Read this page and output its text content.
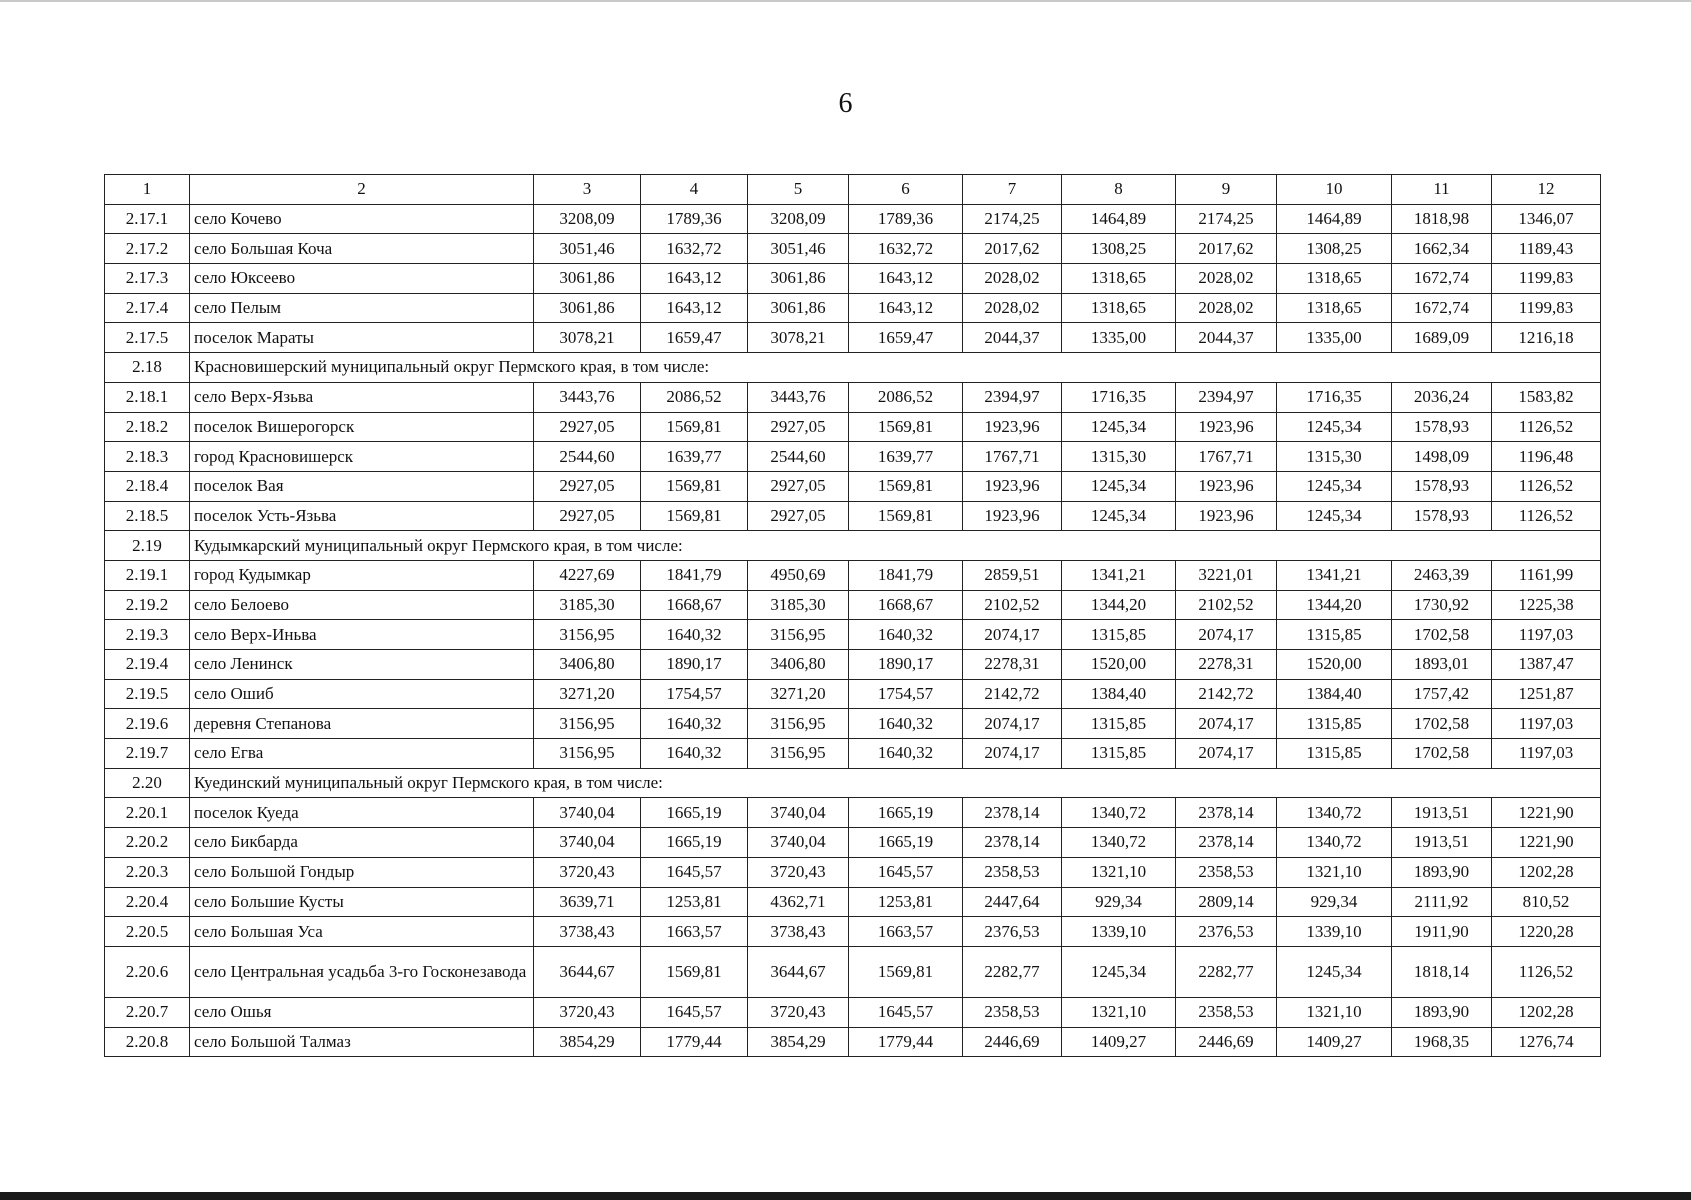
6
1	2	3	4	5	6	7	8	9	10	11	12
2.17.1	село Кочево	3208,09	1789,36	3208,09	1789,36	2174,25	1464,89	2174,25	1464,89	1818,98	1346,07
2.17.2	село Большая Коча	3051,46	1632,72	3051,46	1632,72	2017,62	1308,25	2017,62	1308,25	1662,34	1189,43
2.17.3	село Юксеево	3061,86	1643,12	3061,86	1643,12	2028,02	1318,65	2028,02	1318,65	1672,74	1199,83
2.17.4	село Пелым	3061,86	1643,12	3061,86	1643,12	2028,02	1318,65	2028,02	1318,65	1672,74	1199,83
2.17.5	поселок Мараты	3078,21	1659,47	3078,21	1659,47	2044,37	1335,00	2044,37	1335,00	1689,09	1216,18
2.18	Красновишерский муниципальный округ Пермского края, в том числе:										
2.18.1	село Верх-Язьва	3443,76	2086,52	3443,76	2086,52	2394,97	1716,35	2394,97	1716,35	2036,24	1583,82
2.18.2	поселок Вишерогорск	2927,05	1569,81	2927,05	1569,81	1923,96	1245,34	1923,96	1245,34	1578,93	1126,52
2.18.3	город Красновишерск	2544,60	1639,77	2544,60	1639,77	1767,71	1315,30	1767,71	1315,30	1498,09	1196,48
2.18.4	поселок Вая	2927,05	1569,81	2927,05	1569,81	1923,96	1245,34	1923,96	1245,34	1578,93	1126,52
2.18.5	поселок Усть-Язьва	2927,05	1569,81	2927,05	1569,81	1923,96	1245,34	1923,96	1245,34	1578,93	1126,52
2.19	Кудымкарский муниципальный округ Пермского края, в том числе:										
2.19.1	город Кудымкар	4227,69	1841,79	4950,69	1841,79	2859,51	1341,21	3221,01	1341,21	2463,39	1161,99
2.19.2	село Белоево	3185,30	1668,67	3185,30	1668,67	2102,52	1344,20	2102,52	1344,20	1730,92	1225,38
2.19.3	село Верх-Иньва	3156,95	1640,32	3156,95	1640,32	2074,17	1315,85	2074,17	1315,85	1702,58	1197,03
2.19.4	село Ленинск	3406,80	1890,17	3406,80	1890,17	2278,31	1520,00	2278,31	1520,00	1893,01	1387,47
2.19.5	село Ошиб	3271,20	1754,57	3271,20	1754,57	2142,72	1384,40	2142,72	1384,40	1757,42	1251,87
2.19.6	деревня Степанова	3156,95	1640,32	3156,95	1640,32	2074,17	1315,85	2074,17	1315,85	1702,58	1197,03
2.19.7	село Егва	3156,95	1640,32	3156,95	1640,32	2074,17	1315,85	2074,17	1315,85	1702,58	1197,03
2.20	Куединский муниципальный округ Пермского края, в том числе:										
2.20.1	поселок Куеда	3740,04	1665,19	3740,04	1665,19	2378,14	1340,72	2378,14	1340,72	1913,51	1221,90
2.20.2	село Бикбарда	3740,04	1665,19	3740,04	1665,19	2378,14	1340,72	2378,14	1340,72	1913,51	1221,90
2.20.3	село Большой Гондыр	3720,43	1645,57	3720,43	1645,57	2358,53	1321,10	2358,53	1321,10	1893,90	1202,28
2.20.4	село Большие Кусты	3639,71	1253,81	4362,71	1253,81	2447,64	929,34	2809,14	929,34	2111,92	810,52
2.20.5	село Большая Уса	3738,43	1663,57	3738,43	1663,57	2376,53	1339,10	2376,53	1339,10	1911,90	1220,28
2.20.6	село Центральная усадьба 3-го Госконезавода	3644,67	1569,81	3644,67	1569,81	2282,77	1245,34	2282,77	1245,34	1818,14	1126,52
2.20.7	село Ошья	3720,43	1645,57	3720,43	1645,57	2358,53	1321,10	2358,53	1321,10	1893,90	1202,28
2.20.8	село Большой Талмаз	3854,29	1779,44	3854,29	1779,44	2446,69	1409,27	2446,69	1409,27	1968,35	1276,74
